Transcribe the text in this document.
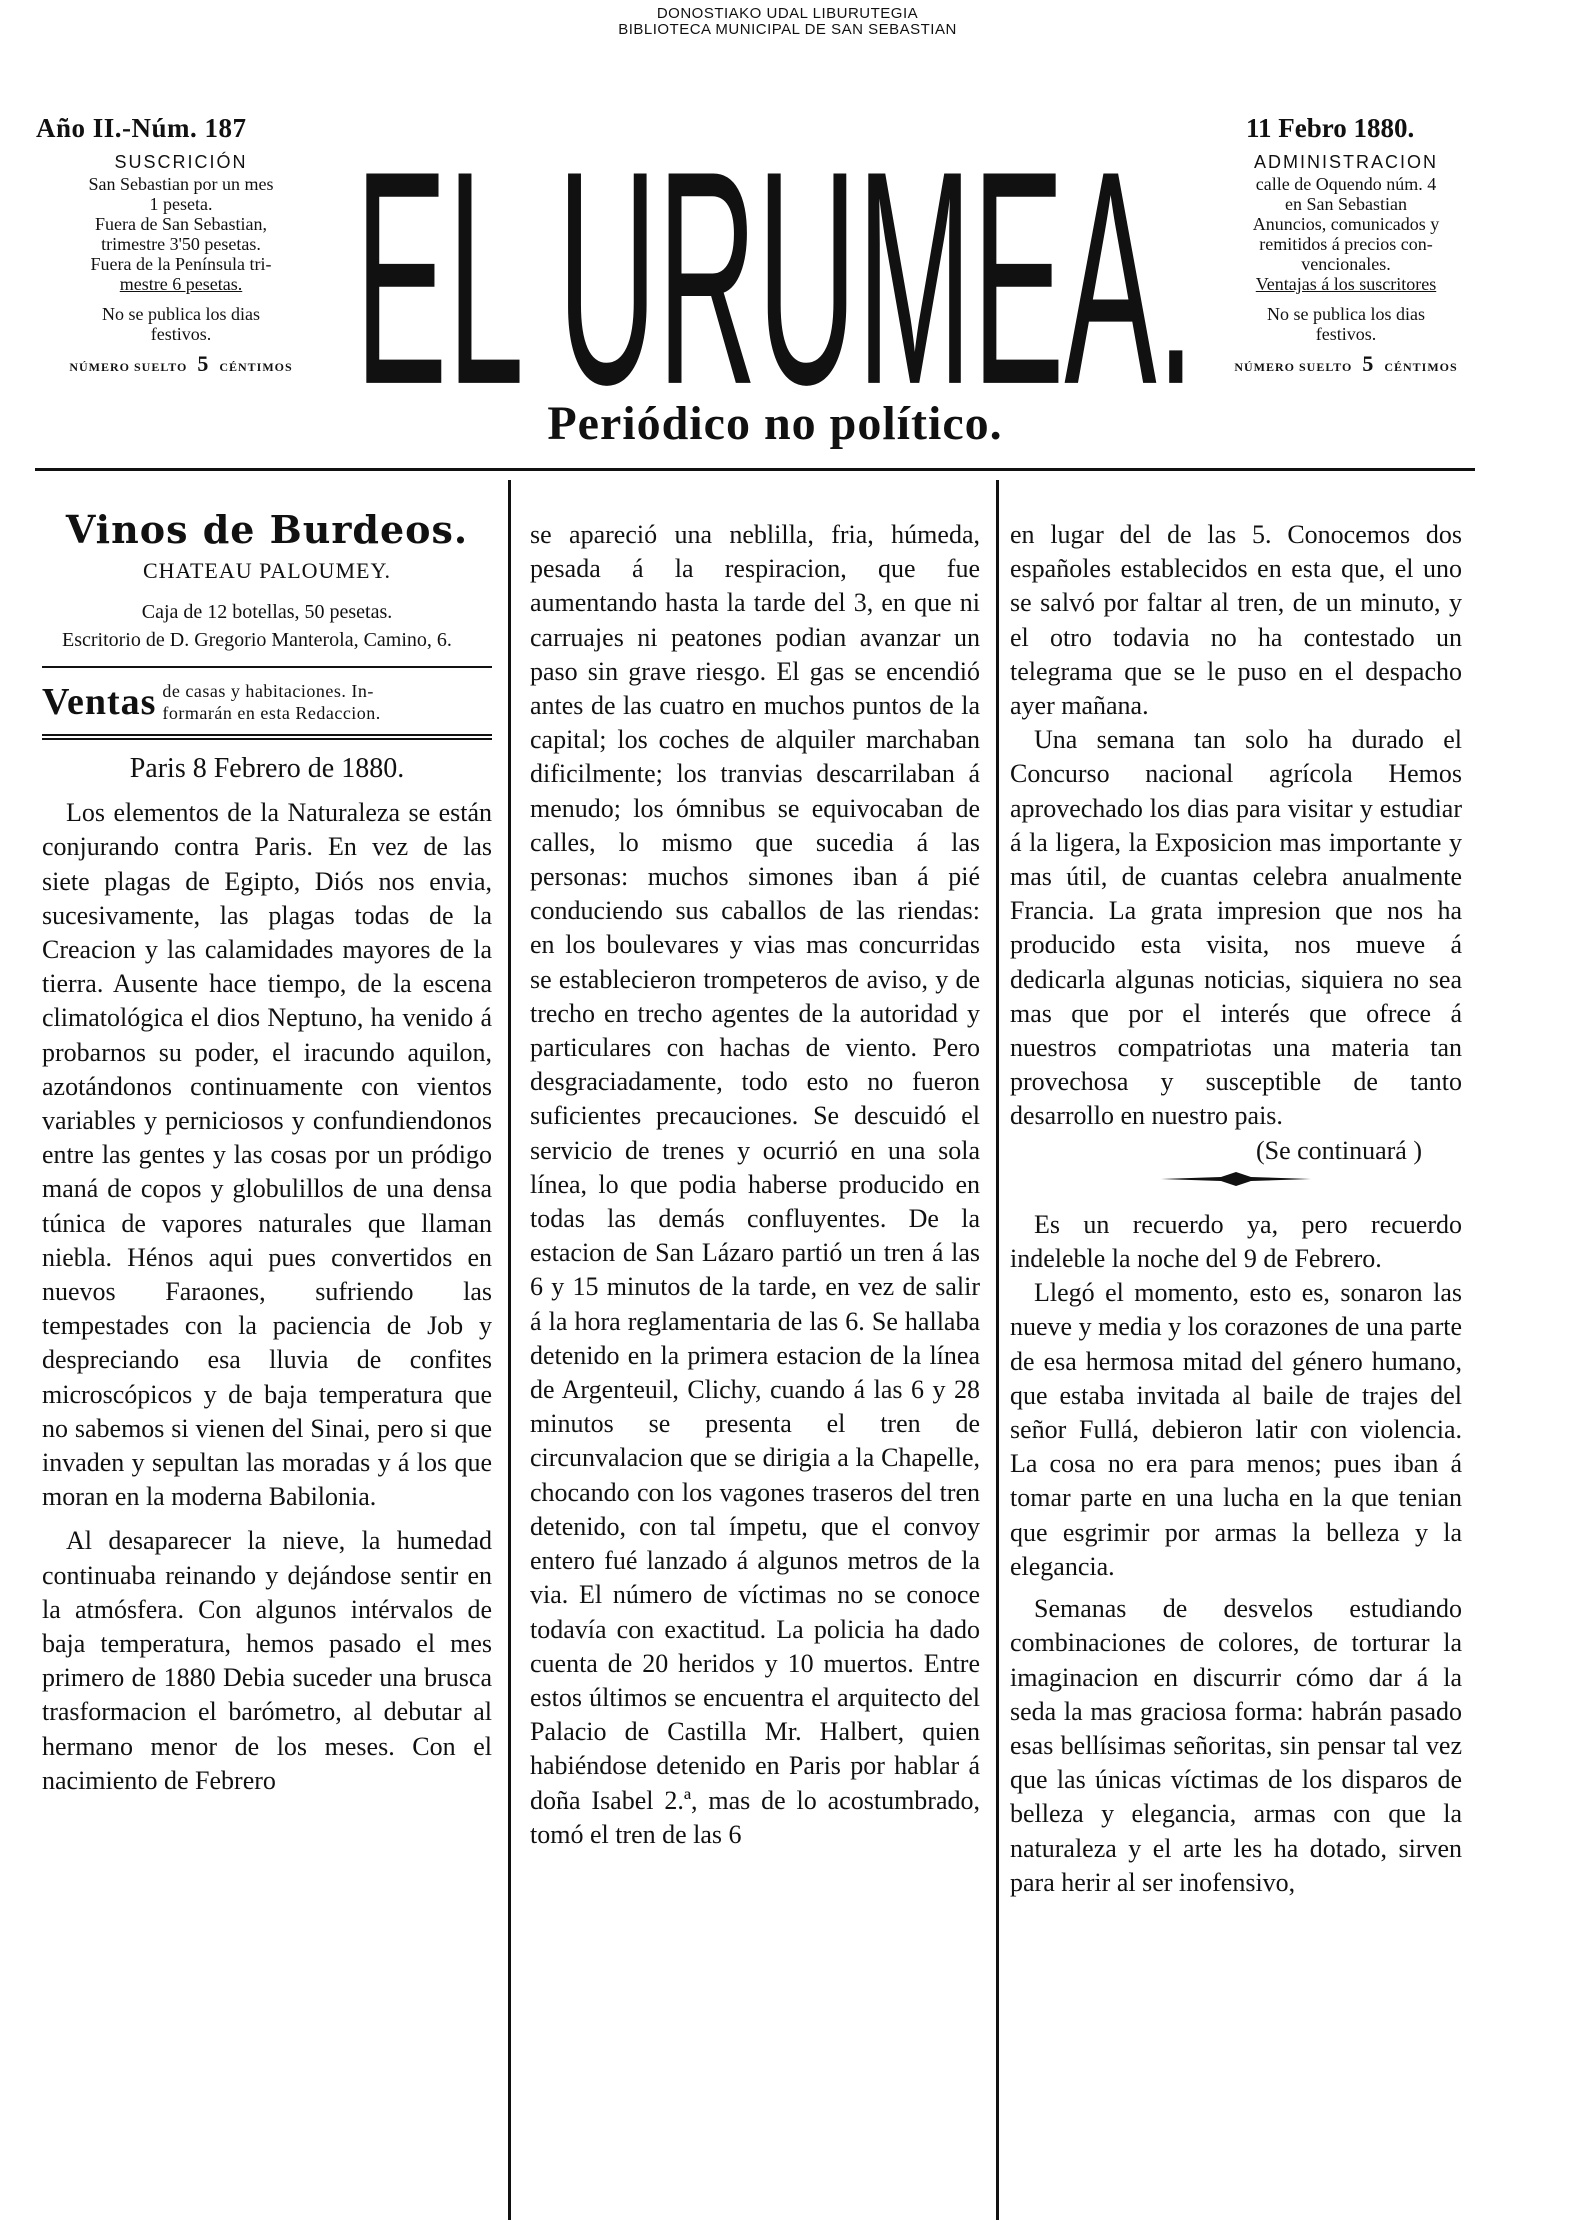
DONOSTIAKO UDAL LIBURUTEGIA
BIBLIOTECA MUNICIPAL DE SAN SEBASTIAN
Año II.-Núm. 187
SUSCRICIÓN
San Sebastian por un mes
1 peseta.
Fuera de San Sebastian,
trimestre 3'50 pesetas.
Fuera de la Península tri-
mestre 6 pesetas.
No se publica los dias
festivos.
NÚMERO SUELTO 5 CÉNTIMOS EL URUMEA.
Periódico no político.
11 Febro 1880.
ADMINISTRACION
calle de Oquendo núm. 4
en San Sebastian
Anuncios, comunicados y
remitidos á precios con-
vencionales.
Ventajas á los suscritores
No se publica los dias
festivos.
NÚMERO SUELTO 5 CÉNTIMOS
Vinos de Burdeos.
CHATEAU PALOUMEY.
Caja de 12 botellas, 50 pesetas.
Escritorio de D. Gregorio Manterola, Camino, 6.
Ventas de casas y habitaciones. In-
formarán en esta Redaccion.
Paris 8 Febrero de 1880.

Los elementos de la Naturaleza se están conjurando contra Paris. En vez de las siete plagas de Egipto, Diós nos envia, sucesivamente, las plagas todas de la Creacion y las calamidades mayores de la tierra. Ausente hace tiempo, de la escena climatológica el dios Neptuno, ha venido á probarnos su poder, el iracundo aquilon, azotándonos continuamente con vientos variables y perniciosos y confundiendonos entre las gentes y las cosas por un pródigo maná de copos y globulillos de una densa túnica de vapores naturales que llaman niebla. Hénos aqui pues convertidos en nuevos Faraones, sufriendo las tempestades con la paciencia de Job y despreciando esa lluvia de confites microscópicos y de baja temperatura que no sabemos si vienen del Sinai, pero si que invaden y sepultan las moradas y á los que moran en la moderna Babilonia.

Al desaparecer la nieve, la humedad continuaba reinando y dejándose sentir en la atmósfera. Con algunos intérvalos de baja temperatura, hemos pasado el mes primero de 1880 Debia suceder una brusca trasformacion el barómetro, al debutar al hermano menor de los meses. Con el nacimiento de Febrero

se apareció una neblilla, fria, húmeda, pesada á la respiracion, que fue aumentando hasta la tarde del 3, en que ni carruajes ni peatones podian avanzar un paso sin grave riesgo. El gas se encendió antes de las cuatro en muchos puntos de la capital; los coches de alquiler marchaban dificilmente; los tranvias descarrilaban á menudo; los ómnibus se equivocaban de calles, lo mismo que sucedia á las personas: muchos simones iban á pié conduciendo sus caballos de las riendas: en los boulevares y vias mas concurridas se establecieron trompeteros de aviso, y de trecho en trecho agentes de la autoridad y particulares con hachas de viento. Pero desgraciadamente, todo esto no fueron suficientes precauciones. Se descuidó el servicio de trenes y ocurrió en una sola línea, lo que podia haberse producido en todas las demás confluyentes. De la estacion de San Lázaro partió un tren á las 6 y 15 minutos de la tarde, en vez de salir á la hora reglamentaria de las 6. Se hallaba detenido en la primera estacion de la línea de Argenteuil, Clichy, cuando á las 6 y 28 minutos se presenta el tren de circunvalacion que se dirigia a la Chapelle, chocando con los vagones traseros del tren detenido, con tal ímpetu, que el convoy entero fué lanzado á algunos metros de la via. El número de víctimas no se conoce todavía con exactitud. La policia ha dado cuenta de 20 heridos y 10 muertos. Entre estos últimos se encuentra el arquitecto del Palacio de Castilla Mr. Halbert, quien habiéndose detenido en Paris por hablar á doña Isabel 2.ª, mas de lo acostumbrado, tomó el tren de las 6

en lugar del de las 5. Conocemos dos españoles establecidos en esta que, el uno se salvó por faltar al tren, de un minuto, y el otro todavia no ha contestado un telegrama que se le puso en el despacho ayer mañana.

Una semana tan solo ha durado el Concurso nacional agrícola Hemos aprovechado los dias para visitar y estudiar á la ligera, la Exposicion mas importante y mas útil, de cuantas celebra anualmente Francia. La grata impresion que nos ha producido esta visita, nos mueve á dedicarla algunas noticias, siquiera no sea mas que por el interés que ofrece á nuestros compatriotas una materia tan provechosa y susceptible de tanto desarrollo en nuestro pais.

(Se continuará )

Es un recuerdo ya, pero recuerdo indeleble la noche del 9 de Febrero.

Llegó el momento, esto es, sonaron las nueve y media y los corazones de una parte de esa hermosa mitad del género humano, que estaba invitada al baile de trajes del señor Fullá, debieron latir con violencia. La cosa no era para menos; pues iban á tomar parte en una lucha en la que tenian que esgrimir por armas la belleza y la elegancia.

Semanas de desvelos estudiando combinaciones de colores, de torturar la imaginacion en discurrir cómo dar á la seda la mas graciosa forma: habrán pasado esas bellísimas señoritas, sin pensar tal vez que las únicas víctimas de los disparos de belleza y elegancia, armas con que la naturaleza y el arte les ha dotado, sirven para herir al ser inofensivo,
